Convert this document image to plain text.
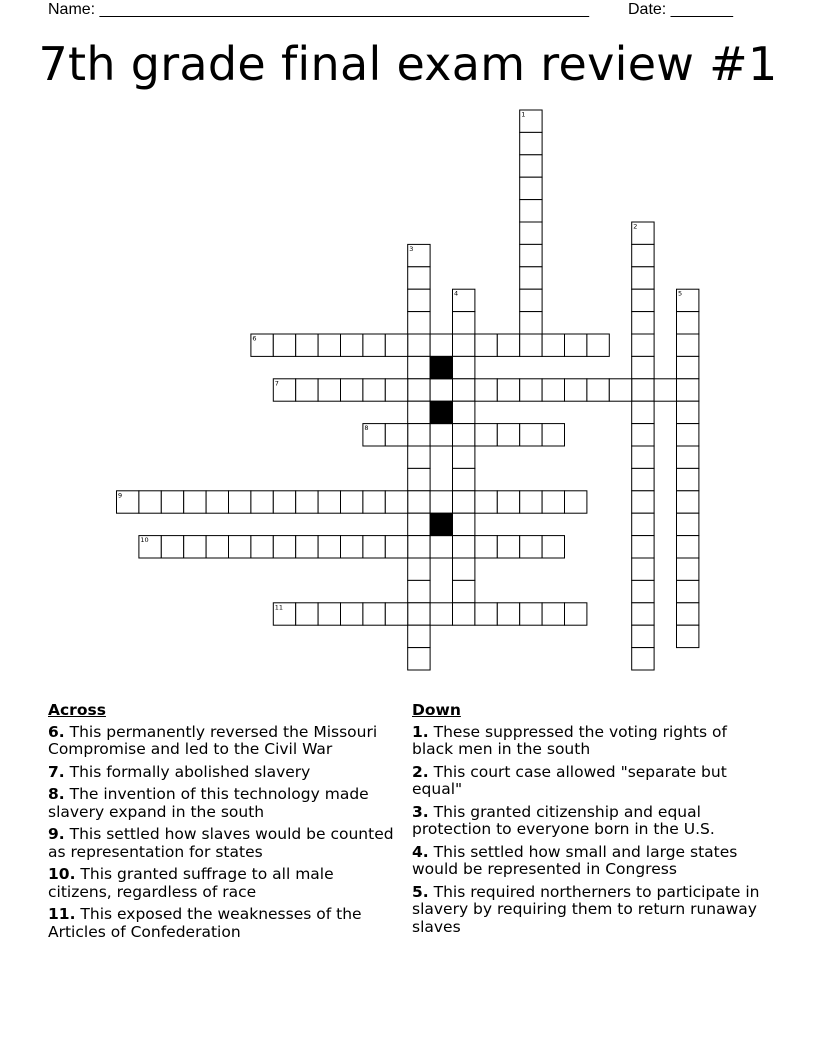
Name: _______________________________________________________

Date: _______

7th grade final exam review #1
1
2
3
4	5
6
7
8
9
10
11
Across
6. This permanently reversed the Missouri Compromise and led to the Civil War
7. This formally abolished slavery
8. The invention of this technology made slavery expand in the south
9. This settled how slaves would be counted as representation for states
10. This granted suffrage to all male citizens, regardless of race
11. This exposed the weaknesses of the Articles of Confederation
Down
1. These suppressed the voting rights of black men in the south
2. This court case allowed "separate but equal"
3. This granted citizenship and equal protection to everyone born in the U.S.
4. This settled how small and large states would be represented in Congress
5. This required northerners to participate in slavery by requiring them to return runaway slaves
